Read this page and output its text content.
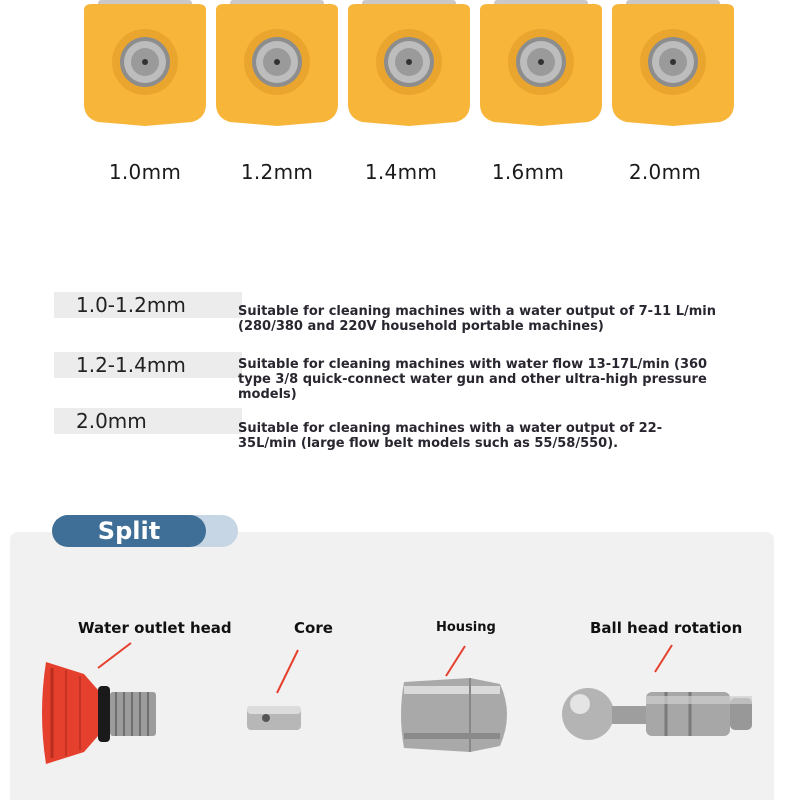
1.0mm	1.2mm	1.4mm	1.6mm	2.0mm
1.0-1.2mm	Suitable for cleaning machines with a water output of 7-11 L/min (280/380 and 220V household portable machines)
1.2-1.4mm	Suitable for cleaning machines with water flow 13-17L/min (360 type 3/8 quick-connect water gun and other ultra-high pressure models)
2.0mm	Suitable for cleaning machines with a water output of 22-35L/min (large flow belt models such as 55/58/550).
Split
Water outlet head	Core	Housing	Ball head rotation
